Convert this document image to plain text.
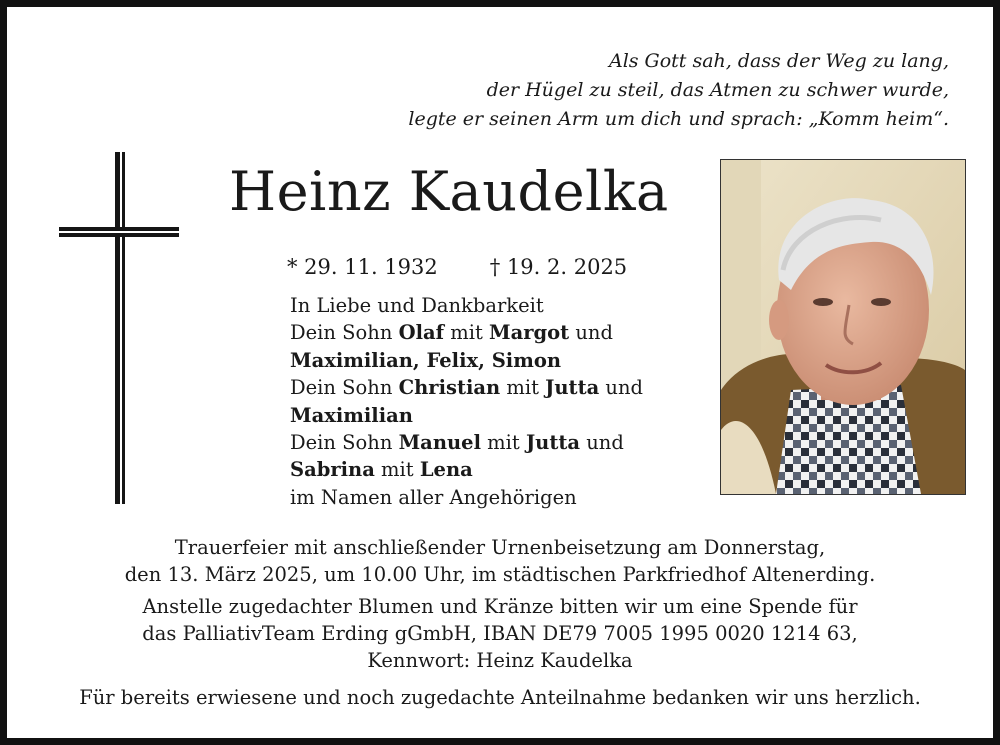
Als Gott sah, dass der Weg zu lang,
der Hügel zu steil, das Atmen zu schwer wurde,
legte er seinen Arm um dich und sprach: „Komm heim“.
Heinz Kaudelka
* 29. 11. 1932 † 19. 2. 2025
In Liebe und Dankbarkeit
Dein Sohn Olaf mit Margot und
Maximilian, Felix, Simon
Dein Sohn Christian mit Jutta und
Maximilian
Dein Sohn Manuel mit Jutta und
Sabrina mit Lena
im Namen aller Angehörigen
Trauerfeier mit anschließender Urnenbeisetzung am Donnerstag,
den 13. März 2025, um 10.00 Uhr, im städtischen Parkfriedhof Altenerding.
Anstelle zugedachter Blumen und Kränze bitten wir um eine Spende für
das PalliativTeam Erding gGmbH, IBAN DE79 7005 1995 0020 1214 63,
Kennwort: Heinz Kaudelka
Für bereits erwiesene und noch zugedachte Anteilnahme bedanken wir uns herzlich.
